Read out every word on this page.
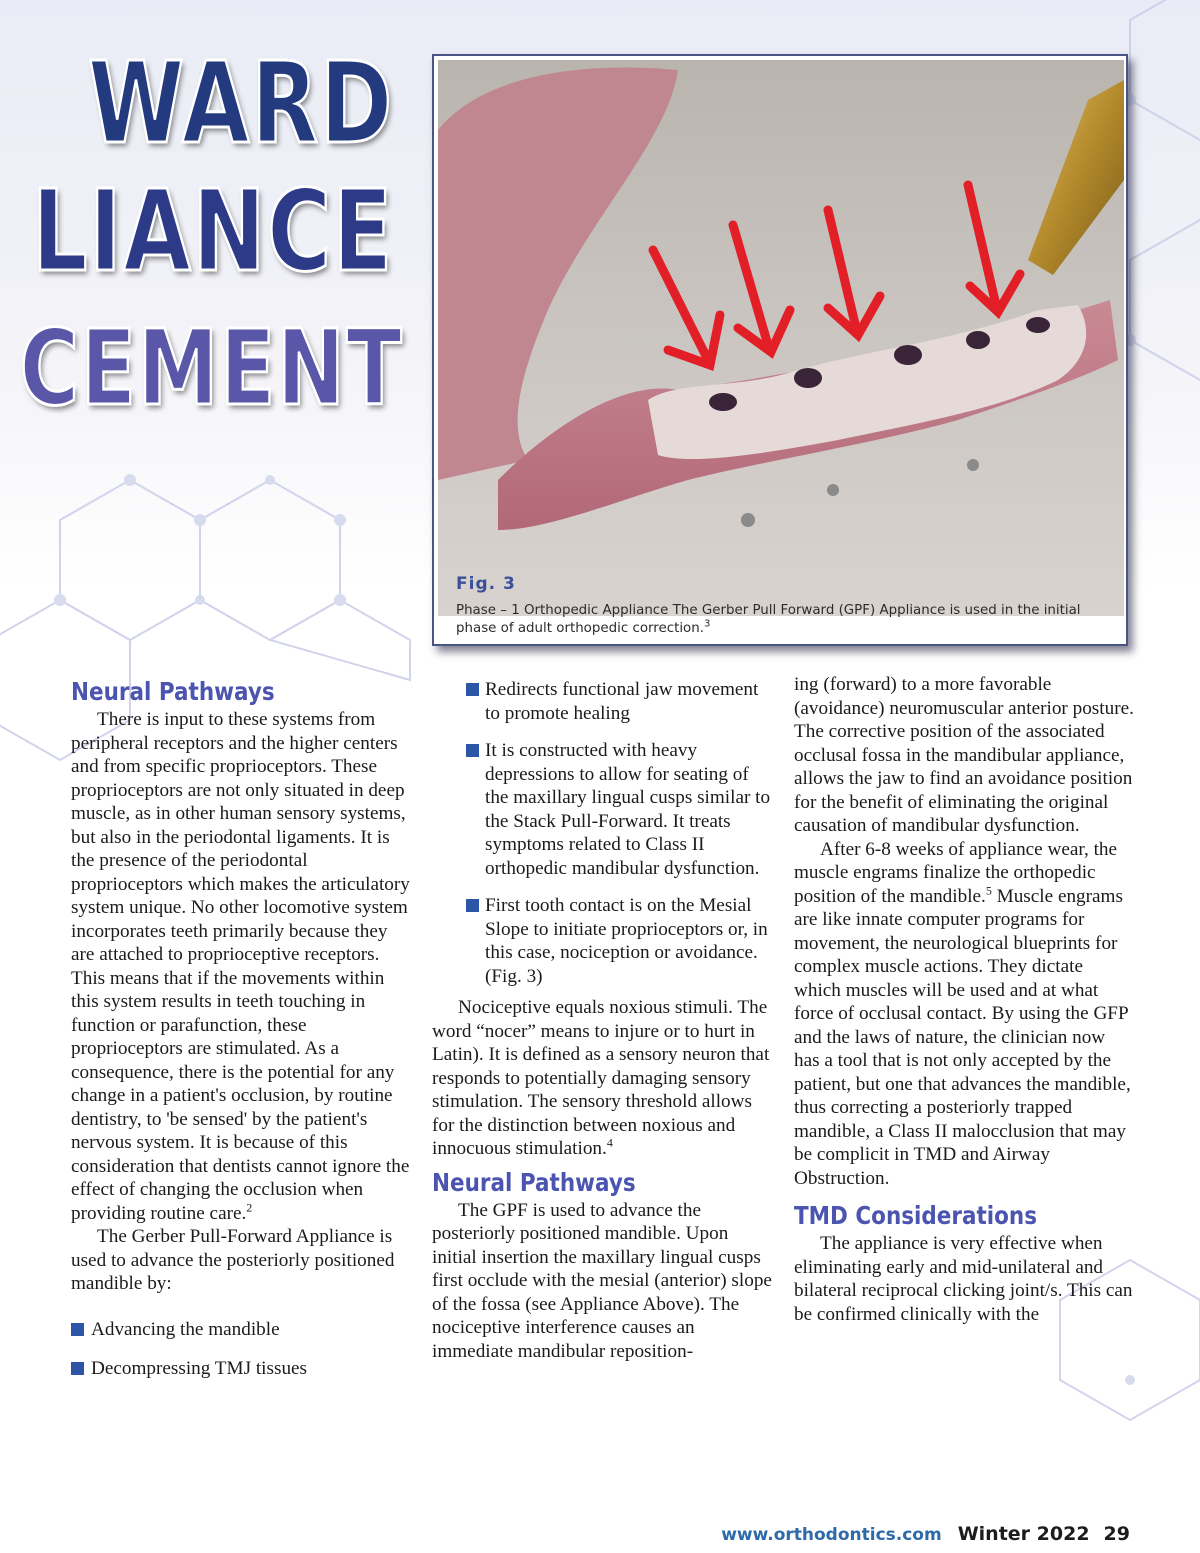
WARD
LIANCE
CEMENT
Fig. 3
Phase – 1 Orthopedic Appliance The Gerber Pull Forward (GPF) Appliance is used in the initial phase of adult orthopedic correction.$^3$
Neural Pathways

There is input to these systems from peripheral receptors and the higher centers and from specific proprioceptors. These proprioceptors are not only situated in deep muscle, as in other human sensory systems, but also in the periodontal ligaments. It is the presence of the periodontal proprioceptors which makes the articulatory system unique. No other locomotive system incorporates teeth primarily because they are attached to proprioceptive receptors. This means that if the movements within this system results in teeth touching in function or parafunction, these proprioceptors are stimulated. As a consequence, there is the potential for any change in a patient's occlusion, by routine dentistry, to 'be sensed' by the patient's nervous system. It is because of this consideration that dentists cannot ignore the effect of changing the occlusion when providing routine care.$^2$

The Gerber Pull-Forward Appliance is used to advance the posteriorly positioned mandible by:

Advancing the mandible
Decompressing TMJ tissues
Redirects functional jaw movement to promote healing
It is constructed with heavy depressions to allow for seating of the maxillary lingual cusps similar to the Stack Pull-Forward. It treats symptoms related to Class II orthopedic mandibular dysfunction.
First tooth contact is on the Mesial Slope to initiate proprioceptors or, in this case, nociception or avoidance.(Fig. 3)

Nociceptive equals noxious stimuli. The word “nocer” means to injure or to hurt in Latin). It is defined as a sensory neuron that responds to potentially damaging sensory stimulation. The sensory threshold allows for the distinction between noxious and innocuous stimulation.$^4$

Neural Pathways

The GPF is used to advance the posteriorly positioned mandible. Upon initial insertion the maxillary lingual cusps first occlude with the mesial (anterior) slope of the fossa (see Appliance Above). The nociceptive interference causes an immediate mandibular reposition-

ing (forward) to a more favorable (avoidance) neuromuscular anterior posture. The corrective position of the associated occlusal fossa in the mandibular appliance, allows the jaw to find an avoidance position for the benefit of eliminating the original causation of mandibular dysfunction.

After 6-8 weeks of appliance wear, the muscle engrams finalize the orthopedic position of the mandible.$^5$ Muscle engrams are like innate computer programs for movement, the neurological blueprints for complex muscle actions. They dictate which muscles will be used and at what force of occlusal contact. By using the GFP and the laws of nature, the clinician now has a tool that is not only accepted by the patient, but one that advances the mandible, thus correcting a posteriorly trapped mandible, a Class II malocclusion that may be complicit in TMD and Airway Obstruction.

TMD Considerations

The appliance is very effective when eliminating early and mid-unilateral and bilateral reciprocal clicking joint/s. This can be confirmed clinically with the

www.orthodontics.com Winter 2022 29
